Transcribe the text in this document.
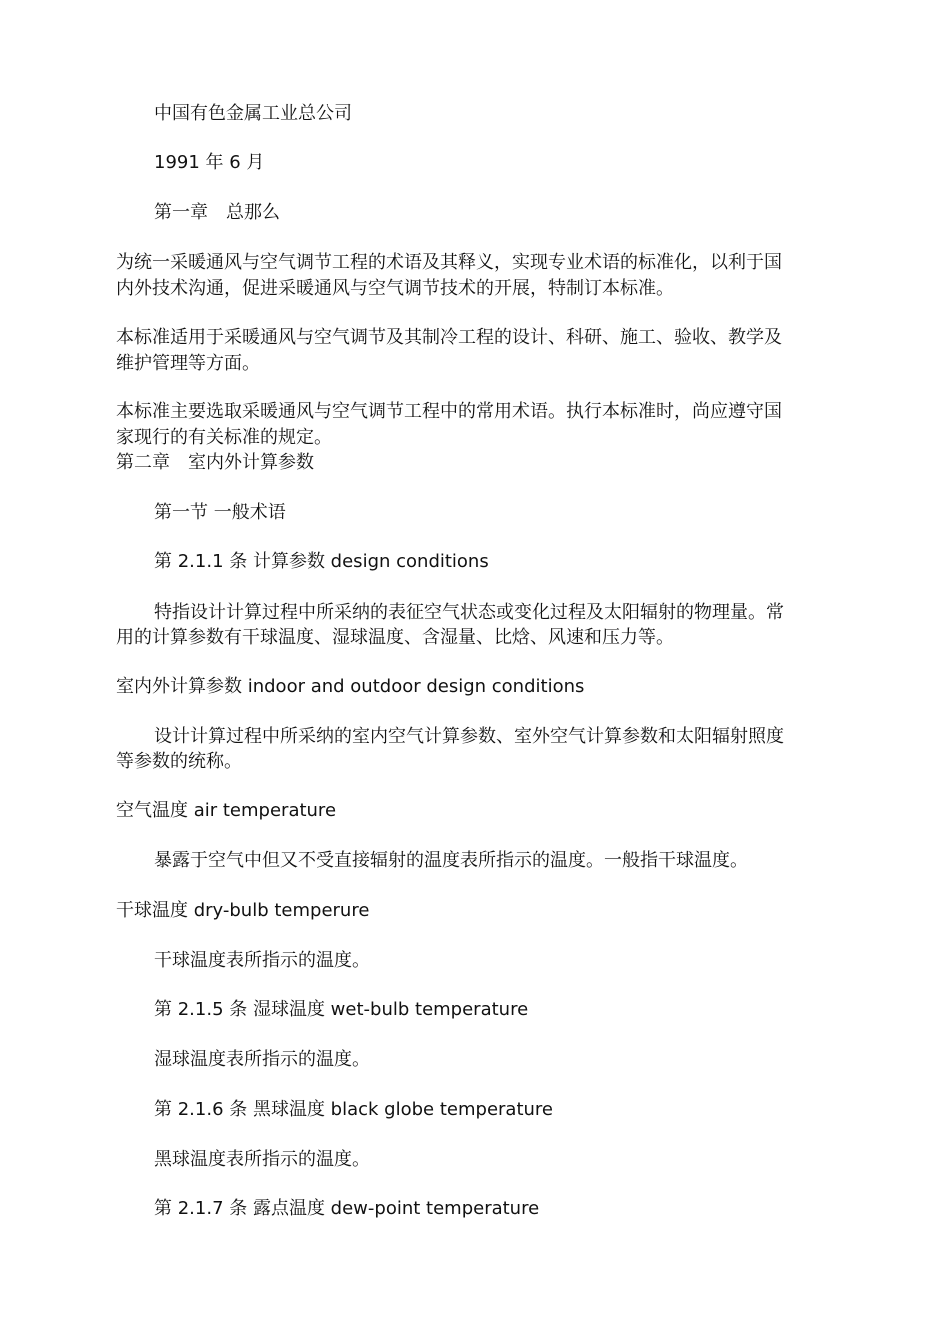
中国有色金属工业总公司
1991 年 6 月
第一章　总那么
为统一采暖通风与空气调节工程的术语及其释义，实现专业术语的标准化，以利于国
内外技术沟通，促进采暖通风与空气调节技术的开展，特制订本标准。
本标准适用于采暖通风与空气调节及其制冷工程的设计、科研、施工、验收、教学及
维护管理等方面。
本标准主要选取采暖通风与空气调节工程中的常用术语。执行本标准时，尚应遵守国
家现行的有关标准的规定。
第二章　室内外计算参数
第一节 一般术语
第 2.1.1 条 计算参数 design conditions
特指设计计算过程中所采纳的表征空气状态或变化过程及太阳辐射的物理量。常
用的计算参数有干球温度、湿球温度、含湿量、比焓、风速和压力等。
室内外计算参数 indoor and outdoor design conditions
设计计算过程中所采纳的室内空气计算参数、室外空气计算参数和太阳辐射照度
等参数的统称。
空气温度 air temperature
暴露于空气中但又不受直接辐射的温度表所指示的温度。一般指干球温度。
干球温度 dry-bulb temperure
干球温度表所指示的温度。
第 2.1.5 条 湿球温度 wet-bulb temperature
湿球温度表所指示的温度。
第 2.1.6 条 黑球温度 black globe temperature
黑球温度表所指示的温度。
第 2.1.7 条 露点温度 dew-point temperature
